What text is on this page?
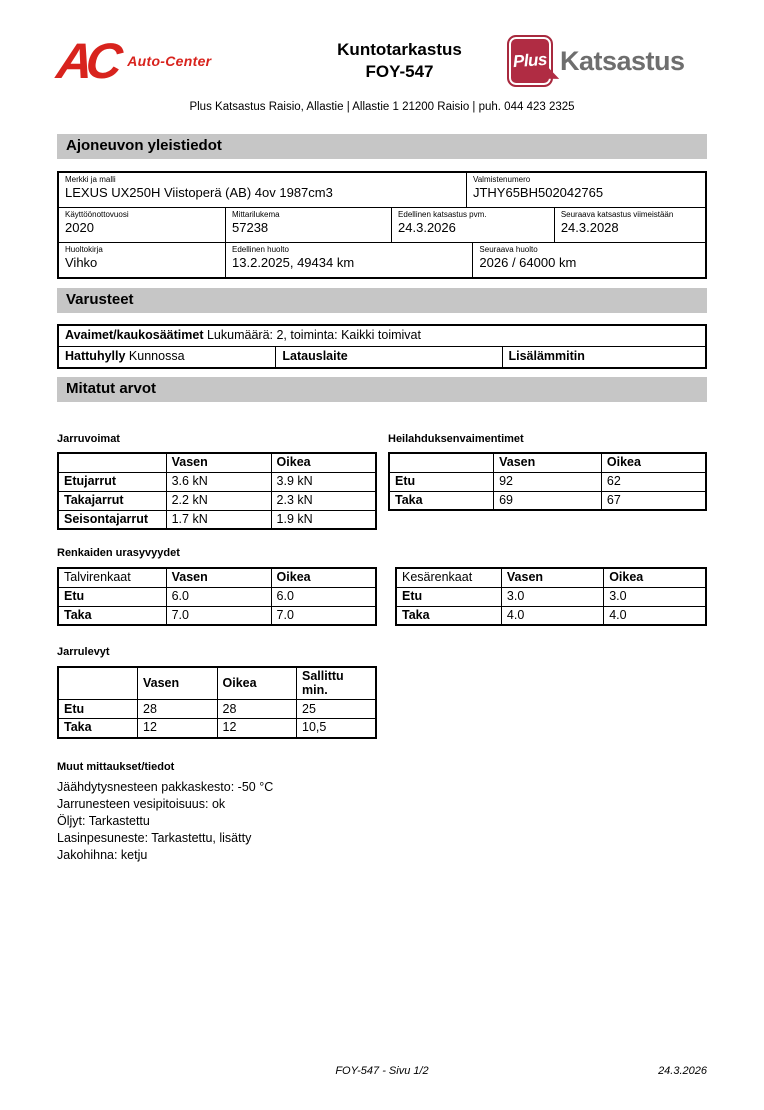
AC Auto-Center
Kuntotarkastus
FOY-547
Plus Katsastus
Plus Katsastus Raisio, Allastie | Allastie 1 21200 Raisio | puh. 044 423 2325
Ajoneuvon yleistiedot
Merkki ja malli
LEXUS UX250H Viistoperä (AB) 4ov 1987cm3
Valmistenumero
JTHY65BH502042765
Käyttöönottovuosi
2020
Mittarilukema
57238
Edellinen katsastus pvm.
24.3.2026
Seuraava katsastus viimeistään
24.3.2028
Huoltokirja
Vihko
Edellinen huolto
13.2.2025, 49434 km
Seuraava huolto
2026 / 64000 km
Varusteet
Avaimet/kaukosäätimet Lukumäärä: 2, toiminta: Kaikki toimivat
Hattuhylly Kunnossa	Latauslaite	Lisälämmitin
Mitatut arvot
Jarruvoimat	Heilahduksenvaimentimet
	Vasen	Oikea
Etujarrut	3.6 kN	3.9 kN
Takajarrut	2.2 kN	2.3 kN
Seisontajarrut	1.7 kN	1.9 kN
	Vasen	Oikea
Etu	92	62
Taka	69	67
Renkaiden urasyvyydet
Talvirenkaat	Vasen	Oikea
Etu	6.0	6.0
Taka	7.0	7.0
Kesärenkaat	Vasen	Oikea
Etu	3.0	3.0
Taka	4.0	4.0
Jarrulevyt
	Vasen	Oikea	Sallittu min.
Etu	28	28	25
Taka	12	12	10,5
Muut mittaukset/tiedot
Jäähdytysnesteen pakkaskesto: -50 °C
Jarrunesteen vesipitoisuus: ok
Öljyt: Tarkastettu
Lasinpesuneste: Tarkastettu, lisätty
Jakohihna: ketju
FOY-547 - Sivu 1/2	24.3.2026
